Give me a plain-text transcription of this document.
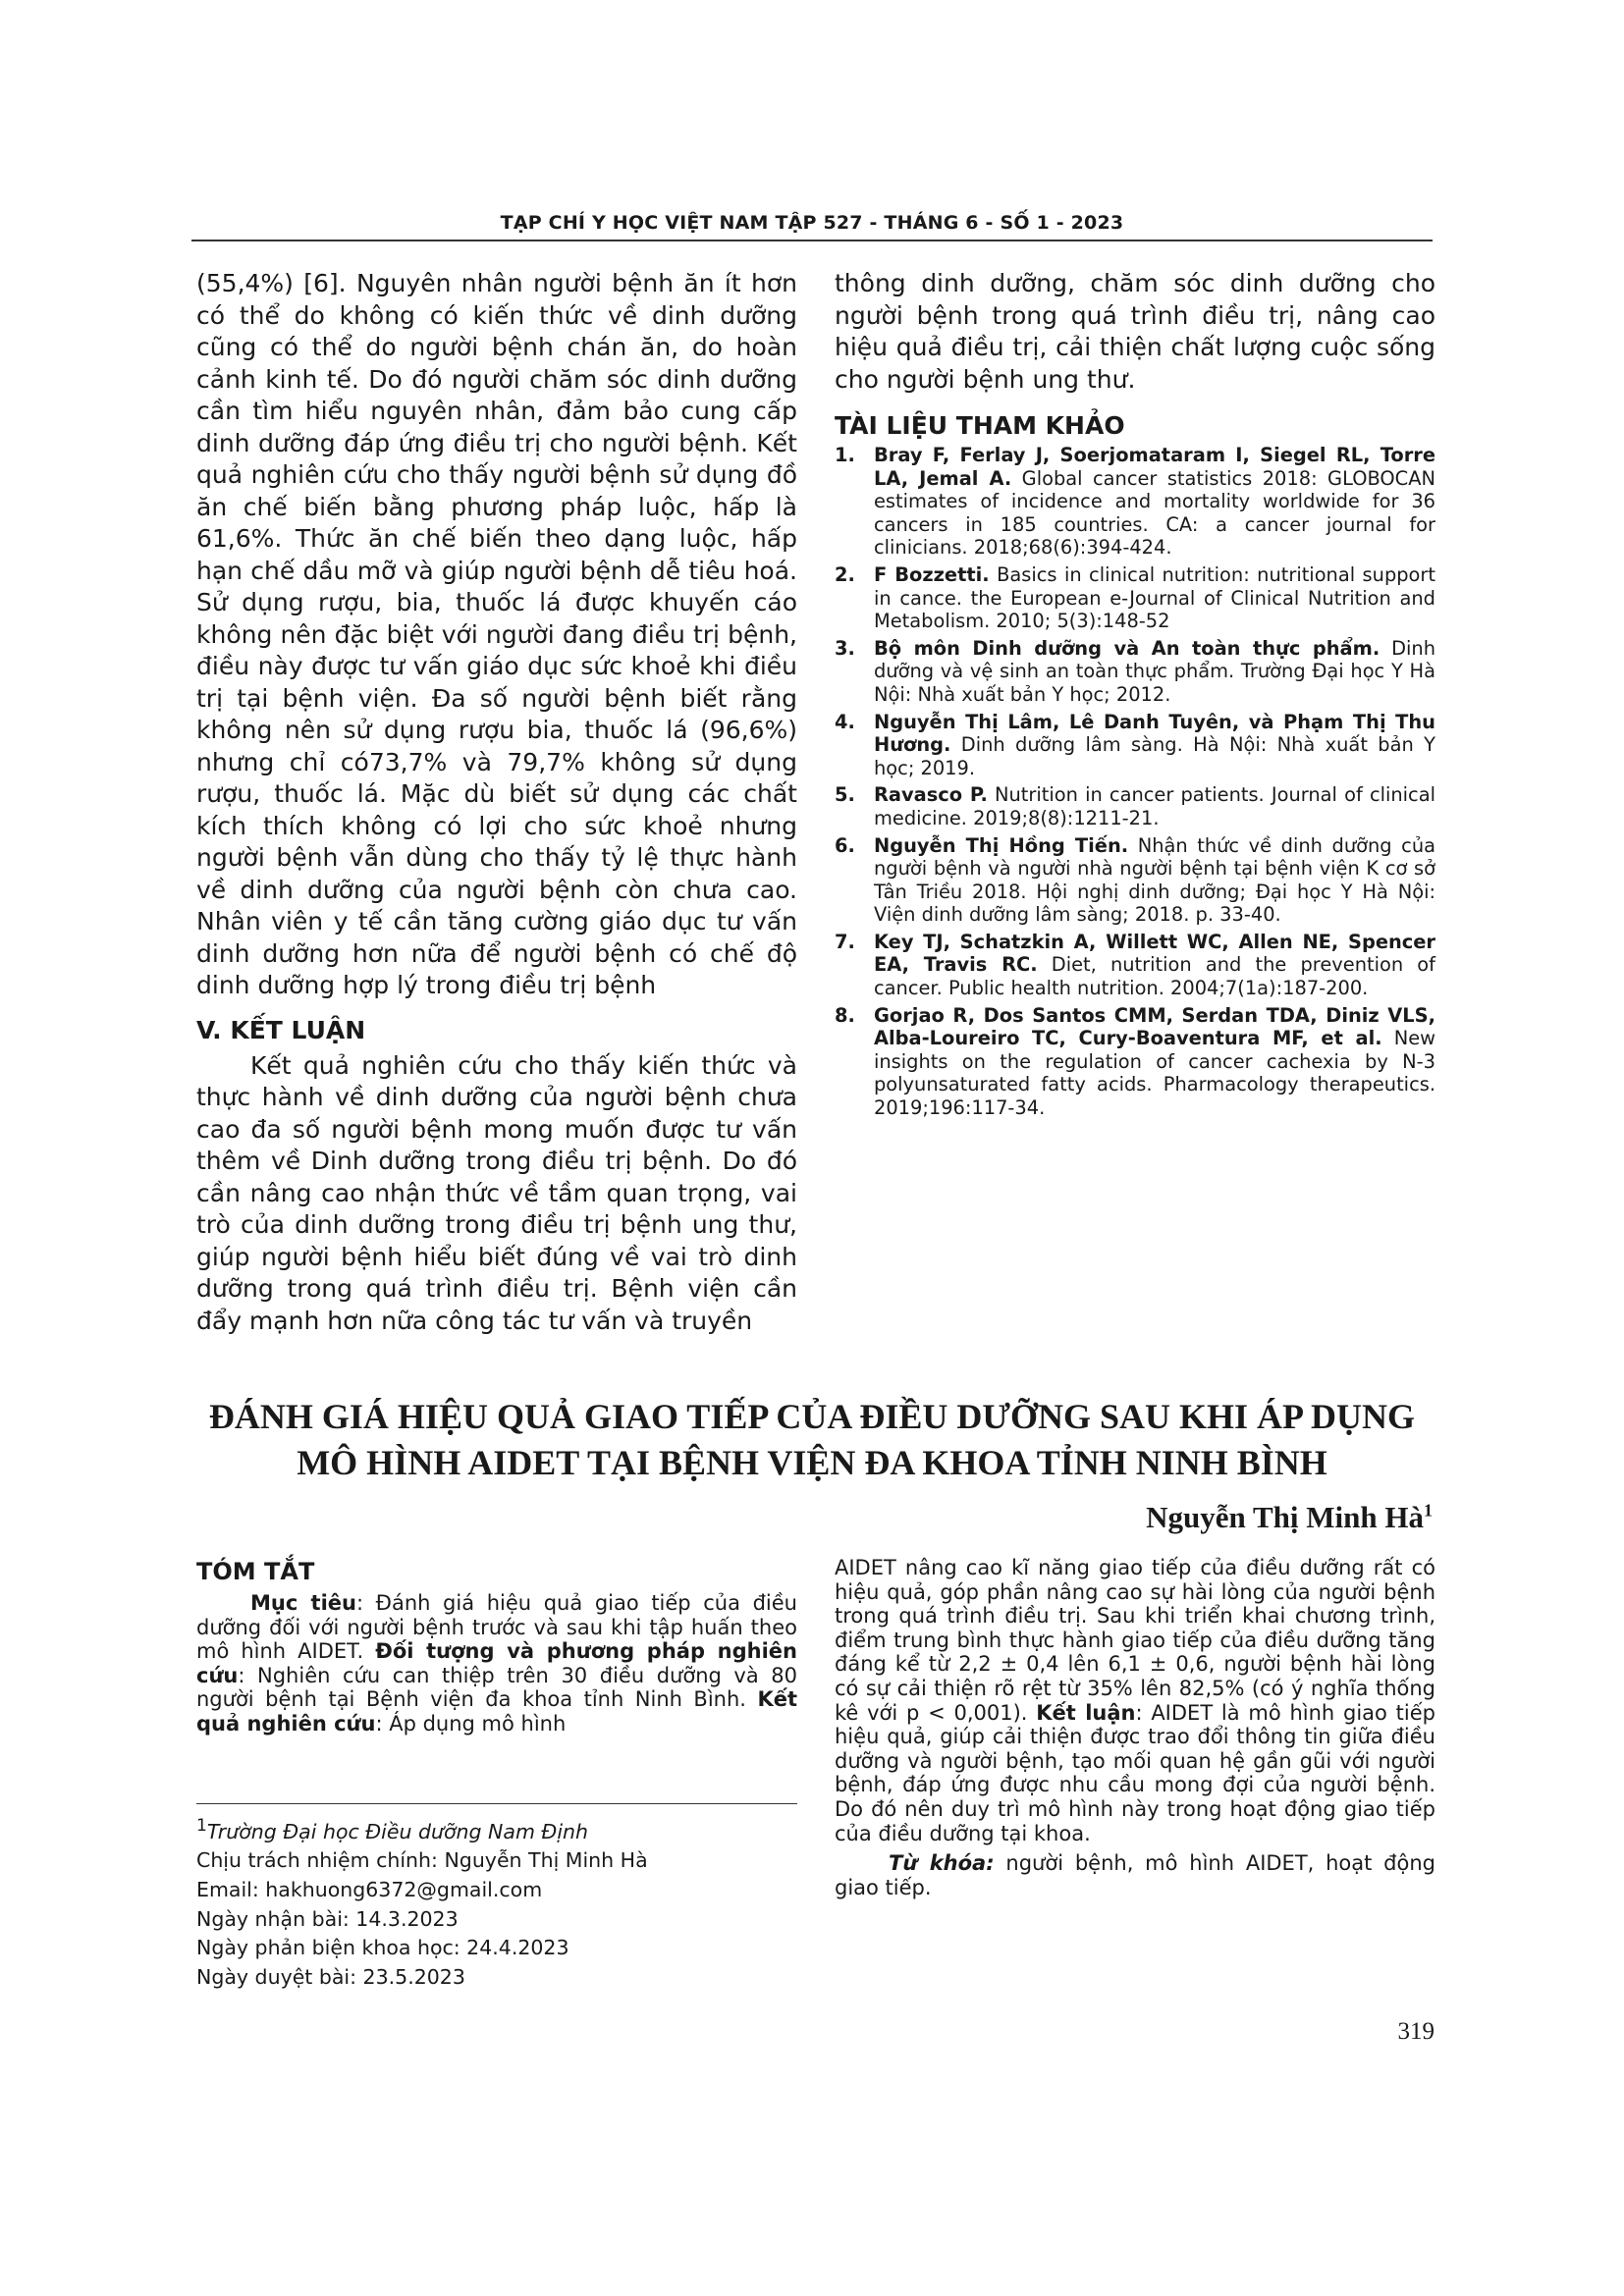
TẠP CHÍ Y HỌC VIỆT NAM TẬP 527 - THÁNG 6 - SỐ 1 - 2023

(55,4%) [6]. Nguyên nhân người bệnh ăn ít hơn có thể do không có kiến thức về dinh dưỡng cũng có thể do người bệnh chán ăn, do hoàn cảnh kinh tế. Do đó người chăm sóc dinh dưỡng cần tìm hiểu nguyên nhân, đảm bảo cung cấp dinh dưỡng đáp ứng điều trị cho người bệnh. Kết quả nghiên cứu cho thấy người bệnh sử dụng đồ ăn chế biến bằng phương pháp luộc, hấp là 61,6%. Thức ăn chế biến theo dạng luộc, hấp hạn chế dầu mỡ và giúp người bệnh dễ tiêu hoá. Sử dụng rượu, bia, thuốc lá được khuyến cáo không nên đặc biệt với người đang điều trị bệnh, điều này được tư vấn giáo dục sức khoẻ khi điều trị tại bệnh viện. Đa số người bệnh biết rằng không nên sử dụng rượu bia, thuốc lá (96,6%) nhưng chỉ có73,7% và 79,7% không sử dụng rượu, thuốc lá. Mặc dù biết sử dụng các chất kích thích không có lợi cho sức khoẻ nhưng người bệnh vẫn dùng cho thấy tỷ lệ thực hành về dinh dưỡng của người bệnh còn chưa cao. Nhân viên y tế cần tăng cường giáo dục tư vấn dinh dưỡng hơn nữa để người bệnh có chế độ dinh dưỡng hợp lý trong điều trị bệnh

V. KẾT LUẬN

Kết quả nghiên cứu cho thấy kiến thức và thực hành về dinh dưỡng của người bệnh chưa cao đa số người bệnh mong muốn được tư vấn thêm về Dinh dưỡng trong điều trị bệnh. Do đó cần nâng cao nhận thức về tầm quan trọng, vai trò của dinh dưỡng trong điều trị bệnh ung thư, giúp người bệnh hiểu biết đúng về vai trò dinh dưỡng trong quá trình điều trị. Bệnh viện cần đẩy mạnh hơn nữa công tác tư vấn và truyền

thông dinh dưỡng, chăm sóc dinh dưỡng cho người bệnh trong quá trình điều trị, nâng cao hiệu quả điều trị, cải thiện chất lượng cuộc sống cho người bệnh ung thư.

TÀI LIỆU THAM KHẢO

1. Bray F, Ferlay J, Soerjomataram I, Siegel RL, Torre LA, Jemal A. Global cancer statistics 2018: GLOBOCAN estimates of incidence and mortality worldwide for 36 cancers in 185 countries. CA: a cancer journal for clinicians. 2018;68(6):394-424.
2. F Bozzetti. Basics in clinical nutrition: nutritional support in cance. the European e-Journal of Clinical Nutrition and Metabolism. 2010; 5(3):148-52
3. Bộ môn Dinh dưỡng và An toàn thực phẩm. Dinh dưỡng và vệ sinh an toàn thực phẩm. Trường Đại học Y Hà Nội: Nhà xuất bản Y học; 2012.
4. Nguyễn Thị Lâm, Lê Danh Tuyên, và Phạm Thị Thu Hương. Dinh dưỡng lâm sàng. Hà Nội: Nhà xuất bản Y học; 2019.
5. Ravasco P. Nutrition in cancer patients. Journal of clinical medicine. 2019;8(8):1211-21.
6. Nguyễn Thị Hồng Tiến. Nhận thức về dinh dưỡng của người bệnh và người nhà người bệnh tại bệnh viện K cơ sở Tân Triều 2018. Hội nghị dinh dưỡng; Đại học Y Hà Nội: Viện dinh dưỡng lâm sàng; 2018. p. 33-40.
7. Key TJ, Schatzkin A, Willett WC, Allen NE, Spencer EA, Travis RC. Diet, nutrition and the prevention of cancer. Public health nutrition. 2004;7(1a):187-200.
8. Gorjao R, Dos Santos CMM, Serdan TDA, Diniz VLS, Alba-Loureiro TC, Cury-Boaventura MF, et al. New insights on the regulation of cancer cachexia by N-3 polyunsaturated fatty acids. Pharmacology therapeutics. 2019;196:117-34.
ĐÁNH GIÁ HIỆU QUẢ GIAO TIẾP CỦA ĐIỀU DƯỠNG SAU KHI ÁP DỤNG
MÔ HÌNH AIDET TẠI BỆNH VIỆN ĐA KHOA TỈNH NINH BÌNH
Nguyễn Thị Minh $Hà^1$

TÓM TẮT

Mục tiêu: Đánh giá hiệu quả giao tiếp của điều dưỡng đối với người bệnh trước và sau khi tập huấn theo mô hình AIDET. Đối tượng và phương pháp nghiên cứu: Nghiên cứu can thiệp trên 30 điều dưỡng và 80 người bệnh tại Bệnh viện đa khoa tỉnh Ninh Bình. Kết quả nghiên cứu: Áp dụng mô hình

AIDET nâng cao kĩ năng giao tiếp của điều dưỡng rất có hiệu quả, góp phần nâng cao sự hài lòng của người bệnh trong quá trình điều trị. Sau khi triển khai chương trình, điểm trung bình thực hành giao tiếp của điều dưỡng tăng đáng kể từ 2,2 ± 0,4 lên 6,1 ± 0,6, người bệnh hài lòng có sự cải thiện rõ rệt từ 35% lên 82,5% (có ý nghĩa thống kê với p < 0,001). Kết luận: AIDET là mô hình giao tiếp hiệu quả, giúp cải thiện được trao đổi thông tin giữa điều dưỡng và người bệnh, tạo mối quan hệ gần gũi với người bệnh, đáp ứng được nhu cầu mong đợi của người bệnh. Do đó nên duy trì mô hình này trong hoạt động giao tiếp của điều dưỡng tại khoa.

Từ khóa: người bệnh, mô hình AIDET, hoạt động giao tiếp.

$^1$Trường Đại học Điều dưỡng Nam Định

Chịu trách nhiệm chính: Nguyễn Thị Minh Hà

Email: hakhuong6372@gmail.com

Ngày nhận bài: 14.3.2023

Ngày phản biện khoa học: 24.4.2023

Ngày duyệt bài: 23.5.2023

319
